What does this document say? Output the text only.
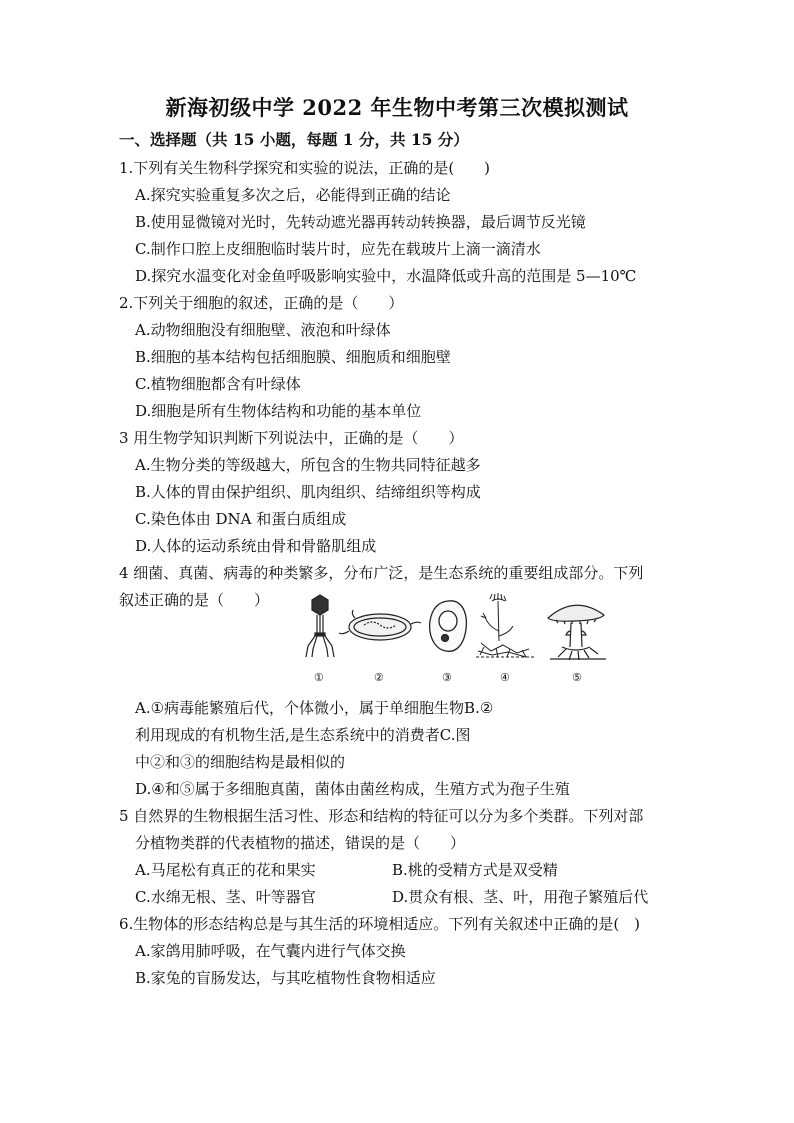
新海初级中学 2022 年生物中考第三次模拟测试
一、选择题（共 15 小题，每题 1 分，共 15 分）
1.下列有关生物科学探究和实验的说法，正确的是(　　)
A.探究实验重复多次之后，必能得到正确的结论
B.使用显微镜对光时，先转动遮光器再转动转换器，最后调节反光镜
C.制作口腔上皮细胞临时装片时，应先在载玻片上滴一滴清水
D.探究水温变化对金鱼呼吸影响实验中，水温降低或升高的范围是 5—10℃
2.下列关于细胞的叙述，正确的是（　　）
A.动物细胞没有细胞壁、液泡和叶绿体
B.细胞的基本结构包括细胞膜、细胞质和细胞壁
C.植物细胞都含有叶绿体
D.细胞是所有生物体结构和功能的基本单位
3 用生物学知识判断下列说法中，正确的是（　　）
A.生物分类的等级越大，所包含的生物共同特征越多
B.人体的胃由保护组织、肌肉组织、结缔组织等构成
C.染色体由 DNA 和蛋白质组成
D.人体的运动系统由骨和骨骼肌组成
4 细菌、真菌、病毒的种类繁多，分布广泛，是生态系统的重要组成部分。下列
叙述正确的是（　　）
①	②	③	④	⑤
A.①病毒能繁殖后代，个体微小，属于单细胞生物B.②
利用现成的有机物生活,是生态系统中的消费者C.图
中②和③的细胞结构是最相似的
D.④和⑤属于多细胞真菌，菌体由菌丝构成，生殖方式为孢子生殖
5 自然界的生物根据生活习性、形态和结构的特征可以分为多个类群。下列对部
分植物类群的代表植物的描述，错误的是（　　）
A.马尾松有真正的花和果实	B.桃的受精方式是双受精
C.水绵无根、茎、叶等器官	D.贯众有根、茎、叶，用孢子繁殖后代
6.生物体的形态结构总是与其生活的环境相适应。下列有关叙述中正确的是(　)
A.家鸽用肺呼吸，在气囊内进行气体交换
B.家兔的盲肠发达，与其吃植物性食物相适应
